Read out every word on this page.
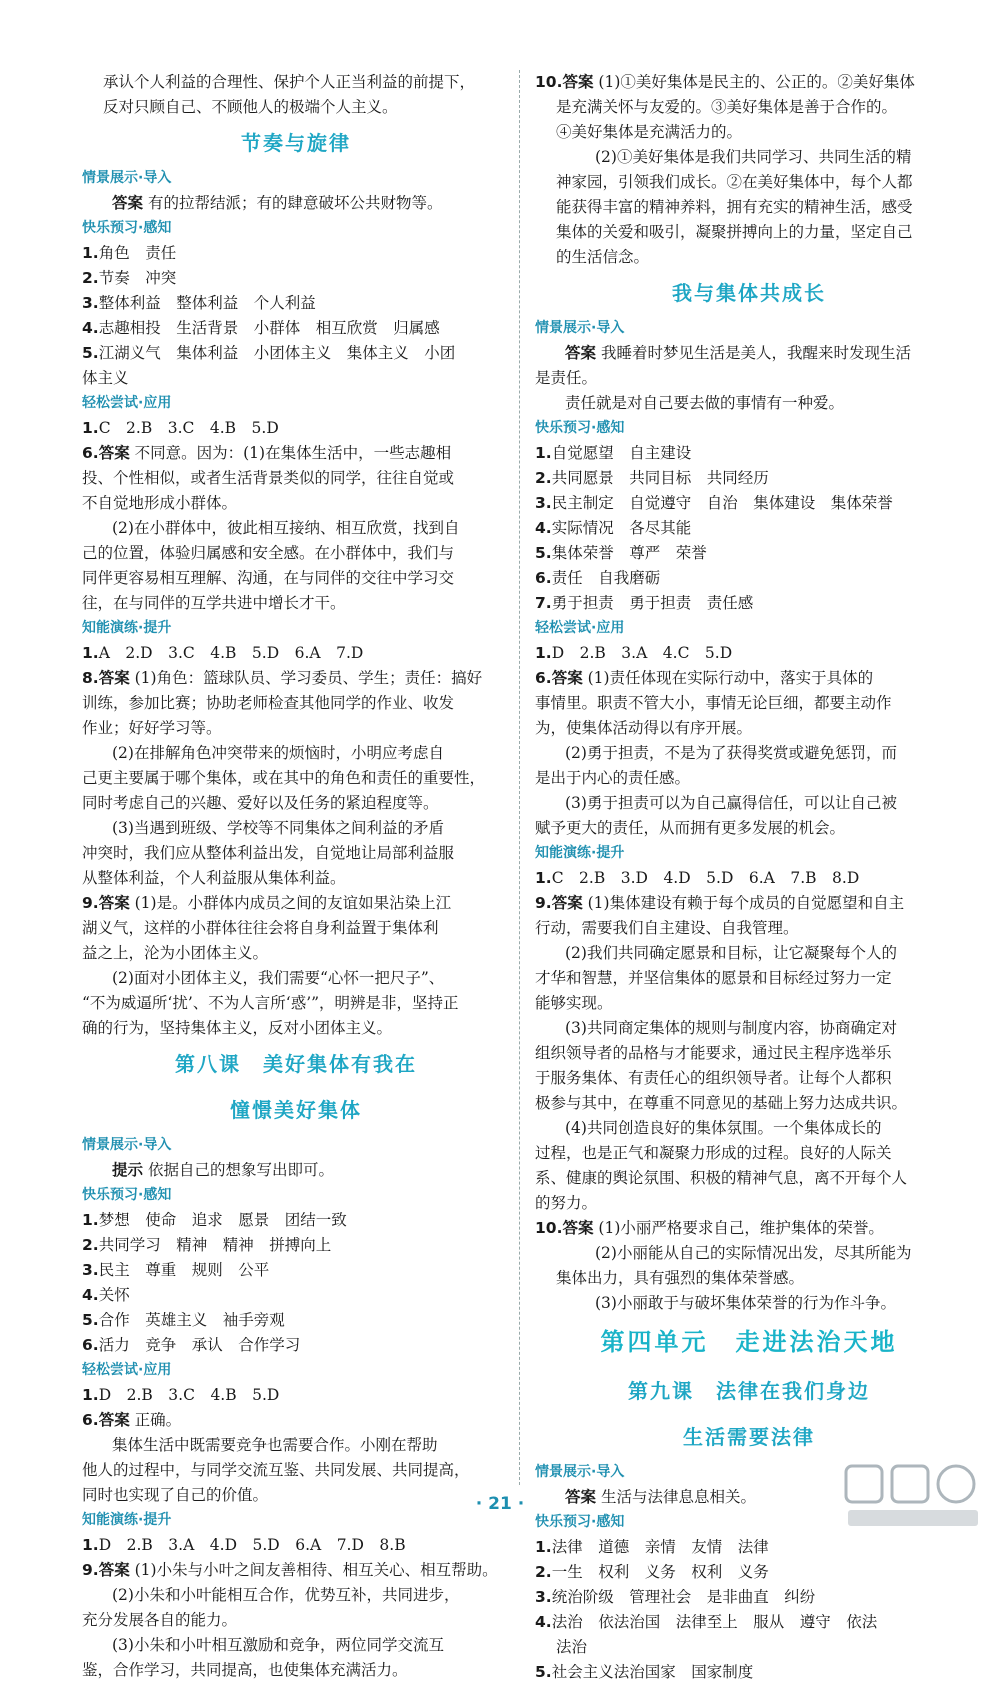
承认个人利益的合理性、保护个人正当利益的前提下，
反对只顾自己、不顾他人的极端个人主义。
节奏与旋律
情景展示·导入
答案 有的拉帮结派；有的肆意破坏公共财物等。
快乐预习·感知
1.角色　责任
2.节奏　冲突
3.整体利益　整体利益　个人利益
4.志趣相投　生活背景　小群体　相互欣赏　归属感
5.江湖义气　集体利益　小团体主义　集体主义　小团
体主义
轻松尝试·应用
1.C　2.B　3.C　4.B　5.D
6.答案 不同意。因为：(1)在集体生活中，一些志趣相
投、个性相似，或者生活背景类似的同学，往往自觉或
不自觉地形成小群体。
(2)在小群体中，彼此相互接纳、相互欣赏，找到自
己的位置，体验归属感和安全感。在小群体中，我们与
同伴更容易相互理解、沟通，在与同伴的交往中学习交
往，在与同伴的互学共进中增长才干。
知能演练·提升
1.A　2.D　3.C　4.B　5.D　6.A　7.D
8.答案 (1)角色：篮球队员、学习委员、学生；责任：搞好
训练，参加比赛；协助老师检查其他同学的作业、收发
作业；好好学习等。
(2)在排解角色冲突带来的烦恼时，小明应考虑自
己更主要属于哪个集体，或在其中的角色和责任的重要性，
同时考虑自己的兴趣、爱好以及任务的紧迫程度等。
(3)当遇到班级、学校等不同集体之间利益的矛盾
冲突时，我们应从整体利益出发，自觉地让局部利益服
从整体利益，个人利益服从集体利益。
9.答案 (1)是。小群体内成员之间的友谊如果沾染上江
湖义气，这样的小群体往往会将自身利益置于集体利
益之上，沦为小团体主义。
(2)面对小团体主义，我们需要“心怀一把尺子”、
“不为威逼所‘扰’、不为人言所‘惑’”，明辨是非，坚持正
确的行为，坚持集体主义，反对小团体主义。
第八课　美好集体有我在
憧憬美好集体
情景展示·导入
提示 依据自己的想象写出即可。
快乐预习·感知
1.梦想　使命　追求　愿景　团结一致
2.共同学习　精神　精神　拼搏向上
3.民主　尊重　规则　公平
4.关怀
5.合作　英雄主义　袖手旁观
6.活力　竞争　承认　合作学习
轻松尝试·应用
1.D　2.B　3.C　4.B　5.D
6.答案 正确。
集体生活中既需要竞争也需要合作。小刚在帮助
他人的过程中，与同学交流互鉴、共同发展、共同提高，
同时也实现了自己的价值。
知能演练·提升
1.D　2.B　3.A　4.D　5.D　6.A　7.D　8.B
9.答案 (1)小朱与小叶之间友善相待、相互关心、相互帮助。
(2)小朱和小叶能相互合作，优势互补，共同进步，
充分发展各自的能力。
(3)小朱和小叶相互激励和竞争，两位同学交流互
鉴，合作学习，共同提高，也使集体充满活力。
10.答案 (1)①美好集体是民主的、公正的。②美好集体
是充满关怀与友爱的。③美好集体是善于合作的。
④美好集体是充满活力的。
(2)①美好集体是我们共同学习、共同生活的精
神家园，引领我们成长。②在美好集体中，每个人都
能获得丰富的精神养料，拥有充实的精神生活，感受
集体的关爱和吸引，凝聚拼搏向上的力量，坚定自己
的生活信念。
我与集体共成长
情景展示·导入
答案 我睡着时梦见生活是美人，我醒来时发现生活
是责任。
责任就是对自己要去做的事情有一种爱。
快乐预习·感知
1.自觉愿望　自主建设
2.共同愿景　共同目标　共同经历
3.民主制定　自觉遵守　自治　集体建设　集体荣誉
4.实际情况　各尽其能
5.集体荣誉　尊严　荣誉
6.责任　自我磨砺
7.勇于担责　勇于担责　责任感
轻松尝试·应用
1.D　2.B　3.A　4.C　5.D
6.答案 (1)责任体现在实际行动中，落实于具体的
事情里。职责不管大小，事情无论巨细，都要主动作
为，使集体活动得以有序开展。
(2)勇于担责，不是为了获得奖赏或避免惩罚，而
是出于内心的责任感。
(3)勇于担责可以为自己赢得信任，可以让自己被
赋予更大的责任，从而拥有更多发展的机会。
知能演练·提升
1.C　2.B　3.D　4.D　5.D　6.A　7.B　8.D
9.答案 (1)集体建设有赖于每个成员的自觉愿望和自主
行动，需要我们自主建设、自我管理。
(2)我们共同确定愿景和目标，让它凝聚每个人的
才华和智慧，并坚信集体的愿景和目标经过努力一定
能够实现。
(3)共同商定集体的规则与制度内容，协商确定对
组织领导者的品格与才能要求，通过民主程序选举乐
于服务集体、有责任心的组织领导者。让每个人都积
极参与其中，在尊重不同意见的基础上努力达成共识。
(4)共同创造良好的集体氛围。一个集体成长的
过程，也是正气和凝聚力形成的过程。良好的人际关
系、健康的舆论氛围、积极的精神气息，离不开每个人
的努力。
10.答案 (1)小丽严格要求自己，维护集体的荣誉。
(2)小丽能从自己的实际情况出发，尽其所能为
集体出力，具有强烈的集体荣誉感。
(3)小丽敢于与破坏集体荣誉的行为作斗争。
第四单元　走进法治天地
第九课　法律在我们身边
生活需要法律
情景展示·导入
答案 生活与法律息息相关。
快乐预习·感知
1.法律　道德　亲情　友情　法律
2.一生　权利　义务　权利　义务
3.统治阶级　管理社会　是非曲直　纠纷
4.法治　依法治国　法律至上　服从　遵守　依法
法治
5.社会主义法治国家　国家制度
· 21 ·
